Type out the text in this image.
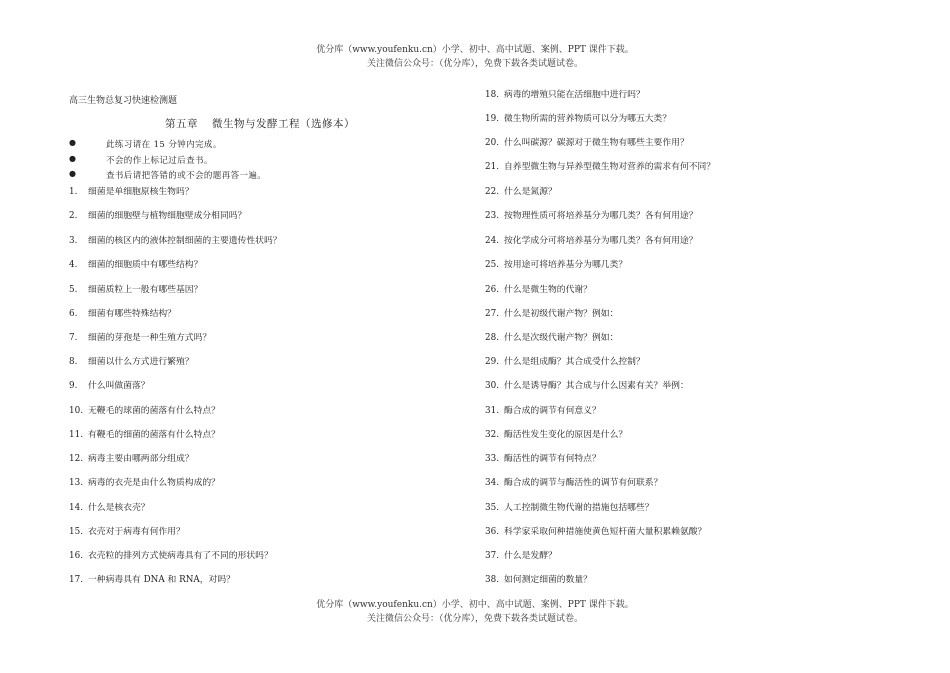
优分库（www.youfenku.cn）小学、初中、高中试题、案例、PPT 课件下载。
关注微信公众号：（优分库），免费下载各类试题试卷。
高三生物总复习快速检测题
第五章 微生物与发酵工程（选修本）
●	此练习请在 15 分钟内完成。
●	不会的作上标记过后查书。
●	查书后请把答错的或不会的题再答一遍。
1. 细菌是单细胞原核生物吗？
2. 细菌的细胞壁与植物细胞壁成分相同吗？
3. 细菌的核区内的液体控制细菌的主要遗传性状吗？
4. 细菌的细胞质中有哪些结构？
5. 细菌质粒上一般有哪些基因？
6. 细菌有哪些特殊结构？
7. 细菌的芽孢是一种生殖方式吗？
8. 细菌以什么方式进行繁殖？
9. 什么叫做菌落？
10. 无鞭毛的球菌的菌落有什么特点？
11. 有鞭毛的细菌的菌落有什么特点？
12. 病毒主要由哪两部分组成？
13. 病毒的衣壳是由什么物质构成的？
14. 什么是核衣壳？
15. 衣壳对于病毒有何作用？
16. 衣壳粒的排列方式使病毒具有了不同的形状吗？
17. 一种病毒具有 DNA 和 RNA，对吗？
18. 病毒的增殖只能在活细胞中进行吗？
19. 微生物所需的营养物质可以分为哪五大类？
20. 什么叫碳源？碳源对于微生物有哪些主要作用？
21. 自养型微生物与异养型微生物对营养的需求有何不同？
22. 什么是氮源？
23. 按物理性质可将培养基分为哪几类？各有何用途？
24. 按化学成分可将培养基分为哪几类？各有何用途？
25. 按用途可将培养基分为哪几类？
26. 什么是微生物的代谢？
27. 什么是初级代谢产物？例如：
28. 什么是次级代谢产物？例如：
29. 什么是组成酶？其合成受什么控制？
30. 什么是诱导酶？其合成与什么因素有关？举例：
31. 酶合成的调节有何意义？
32. 酶活性发生变化的原因是什么？
33. 酶活性的调节有何特点？
34. 酶合成的调节与酶活性的调节有何联系？
35. 人工控制微生物代谢的措施包括哪些？
36. 科学家采取何种措施使黄色短杆菌大量积累赖氨酸？
37. 什么是发酵？
38. 如何测定细菌的数量？
优分库（www.youfenku.cn）小学、初中、高中试题、案例、PPT 课件下载。
关注微信公众号：（优分库），免费下载各类试题试卷。
